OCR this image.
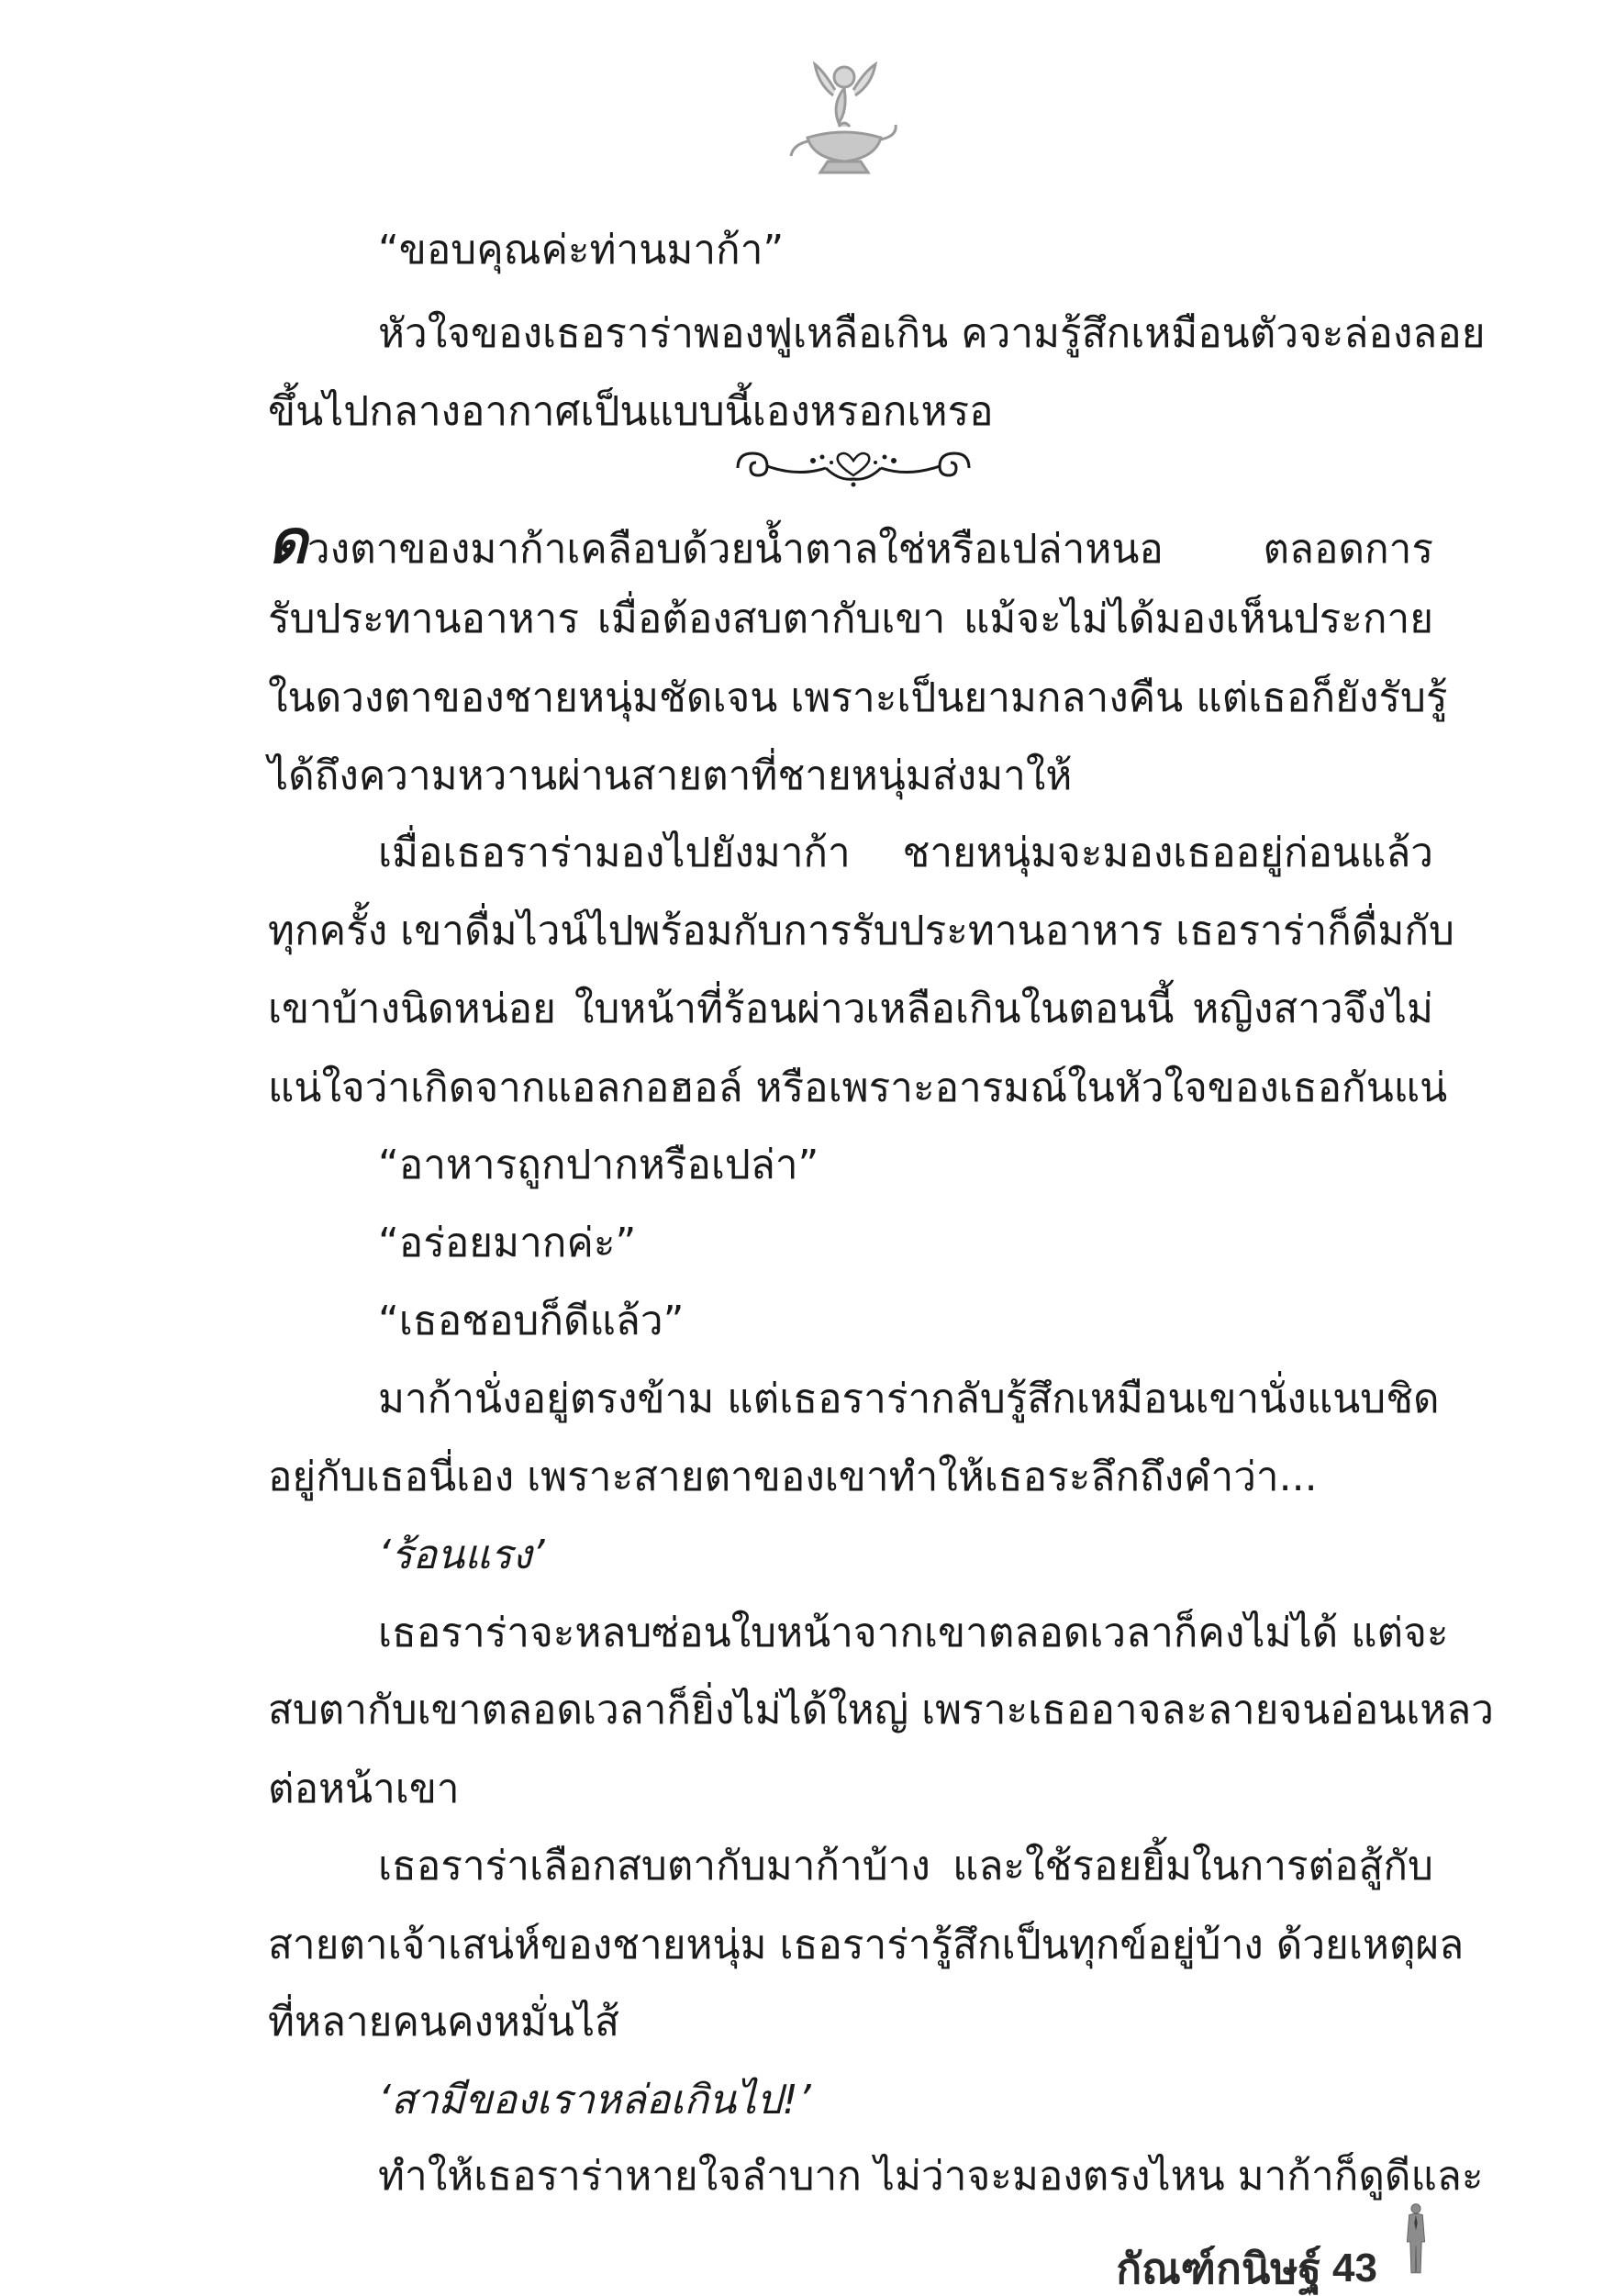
“ขอบคุณค่ะท่านมาก้า”
หัวใจของเธอราร่าพองฟูเหลือเกิน ความรู้สึกเหมือนตัวจะล่องลอย
ขึ้นไปกลางอากาศเป็นแบบนี้เองหรอกเหรอ
ดวงตาของมาก้าเคลือบด้วยน้ำตาลใช่หรือเปล่าหนอ ตลอดการ
รับประทานอาหาร เมื่อต้องสบตากับเขา แม้จะไม่ได้มองเห็นประกาย
ในดวงตาของชายหนุ่มชัดเจน เพราะเป็นยามกลางคืน แต่เธอก็ยังรับรู้
ได้ถึงความหวานผ่านสายตาที่ชายหนุ่มส่งมาให้
เมื่อเธอราร่ามองไปยังมาก้า ชายหนุ่มจะมองเธออยู่ก่อนแล้ว
ทุกครั้ง เขาดื่มไวน์ไปพร้อมกับการรับประทานอาหาร เธอราร่าก็ดื่มกับ
เขาบ้างนิดหน่อย ใบหน้าที่ร้อนผ่าวเหลือเกินในตอนนี้ หญิงสาวจึงไม่
แน่ใจว่าเกิดจากแอลกอฮอล์ หรือเพราะอารมณ์ในหัวใจของเธอกันแน่
“อาหารถูกปากหรือเปล่า”
“อร่อยมากค่ะ”
“เธอชอบก็ดีแล้ว”
มาก้านั่งอยู่ตรงข้าม แต่เธอราร่ากลับรู้สึกเหมือนเขานั่งแนบชิด
อยู่กับเธอนี่เอง เพราะสายตาของเขาทำให้เธอระลึกถึงคำว่า...
‘ร้อนแรง’
เธอราร่าจะหลบซ่อนใบหน้าจากเขาตลอดเวลาก็คงไม่ได้ แต่จะ
สบตากับเขาตลอดเวลาก็ยิ่งไม่ได้ใหญ่ เพราะเธออาจละลายจนอ่อนเหลว
ต่อหน้าเขา
เธอราร่าเลือกสบตากับมาก้าบ้าง และใช้รอยยิ้มในการต่อสู้กับ
สายตาเจ้าเสน่ห์ของชายหนุ่ม เธอราร่ารู้สึกเป็นทุกข์อยู่บ้าง ด้วยเหตุผล
ที่หลายคนคงหมั่นไส้
‘สามีของเราหล่อเกินไป!’
ทำให้เธอราร่าหายใจลำบาก ไม่ว่าจะมองตรงไหน มาก้าก็ดูดีและ
กัณฑ์กนิษฐ์ 43
